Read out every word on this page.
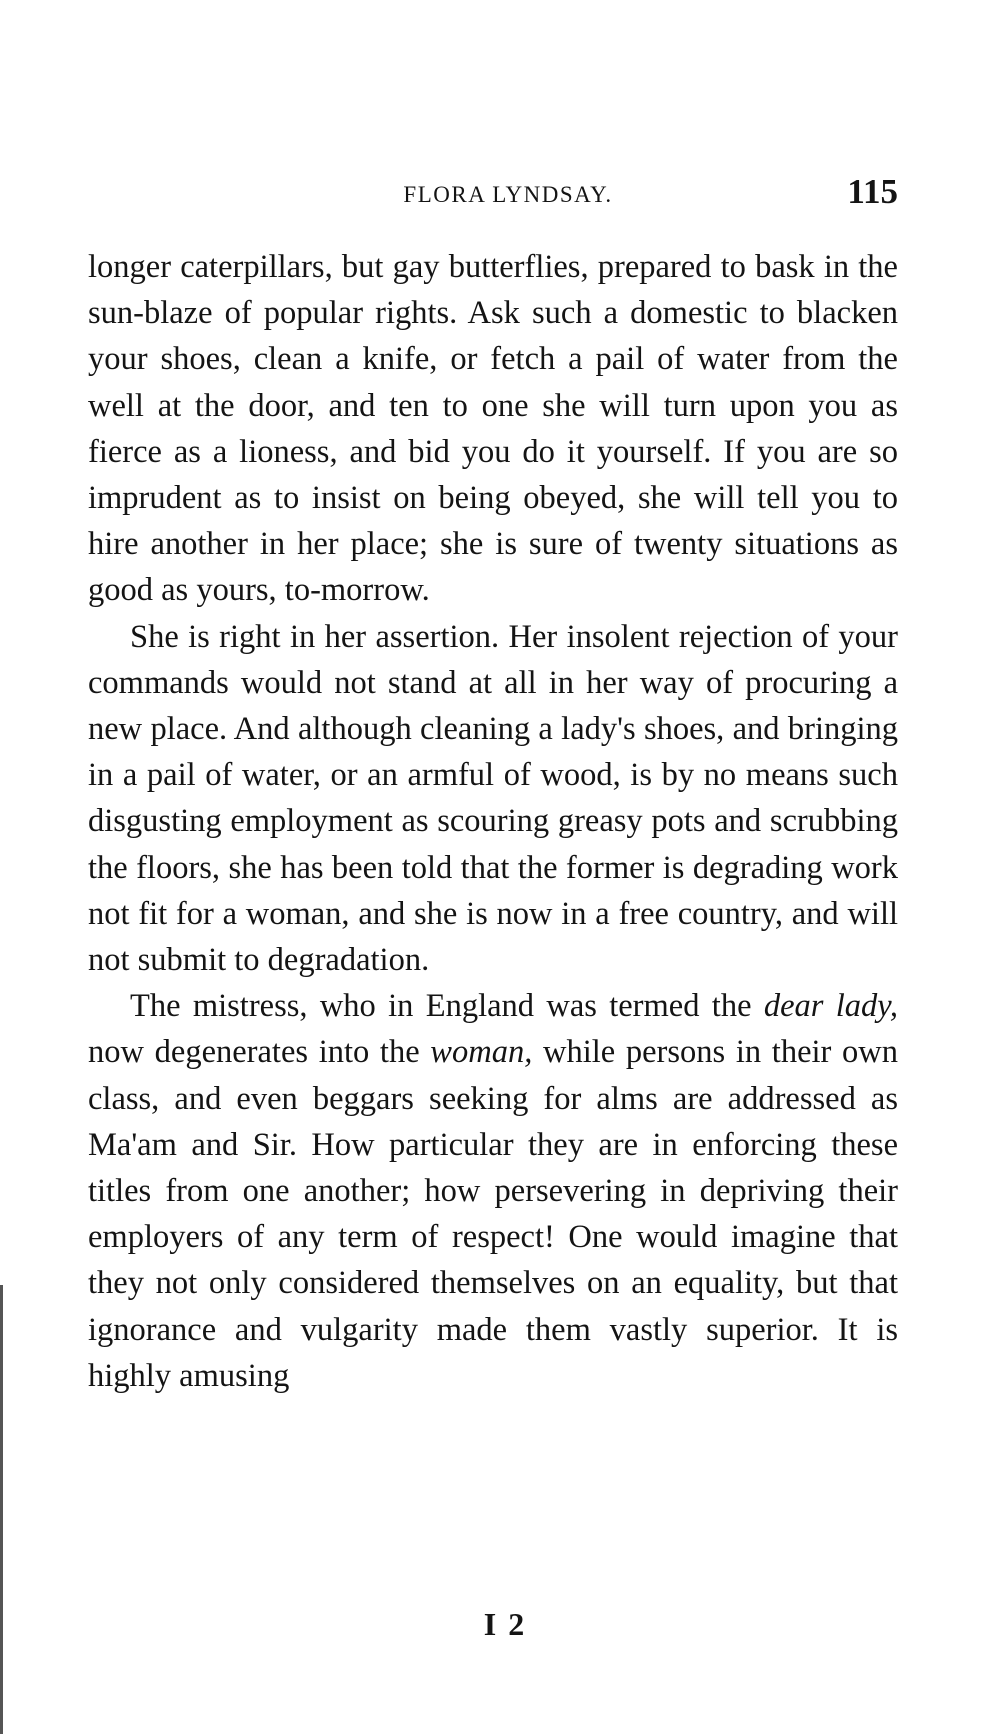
FLORA LYNDSAY.	115

longer caterpillars, but gay butterflies, prepared to bask in the sun-blaze of popular rights. Ask such a domestic to blacken your shoes, clean a knife, or fetch a pail of water from the well at the door, and ten to one she will turn upon you as fierce as a lioness, and bid you do it yourself. If you are so imprudent as to insist on being obeyed, she will tell you to hire another in her place; she is sure of twenty situations as good as yours, to-morrow.

She is right in her assertion. Her insolent rejection of your commands would not stand at all in her way of procuring a new place. And although cleaning a lady's shoes, and bringing in a pail of water, or an armful of wood, is by no means such disgusting employment as scouring greasy pots and scrubbing the floors, she has been told that the former is degrading work not fit for a woman, and she is now in a free country, and will not submit to degradation.

The mistress, who in England was termed the dear lady, now degenerates into the woman, while persons in their own class, and even beggars seeking for alms are addressed as Ma'am and Sir. How particular they are in enforcing these titles from one another; how persevering in depriving their employers of any term of respect! One would imagine that they not only considered themselves on an equality, but that ignorance and vulgarity made them vastly superior. It is highly amusing

I 2
